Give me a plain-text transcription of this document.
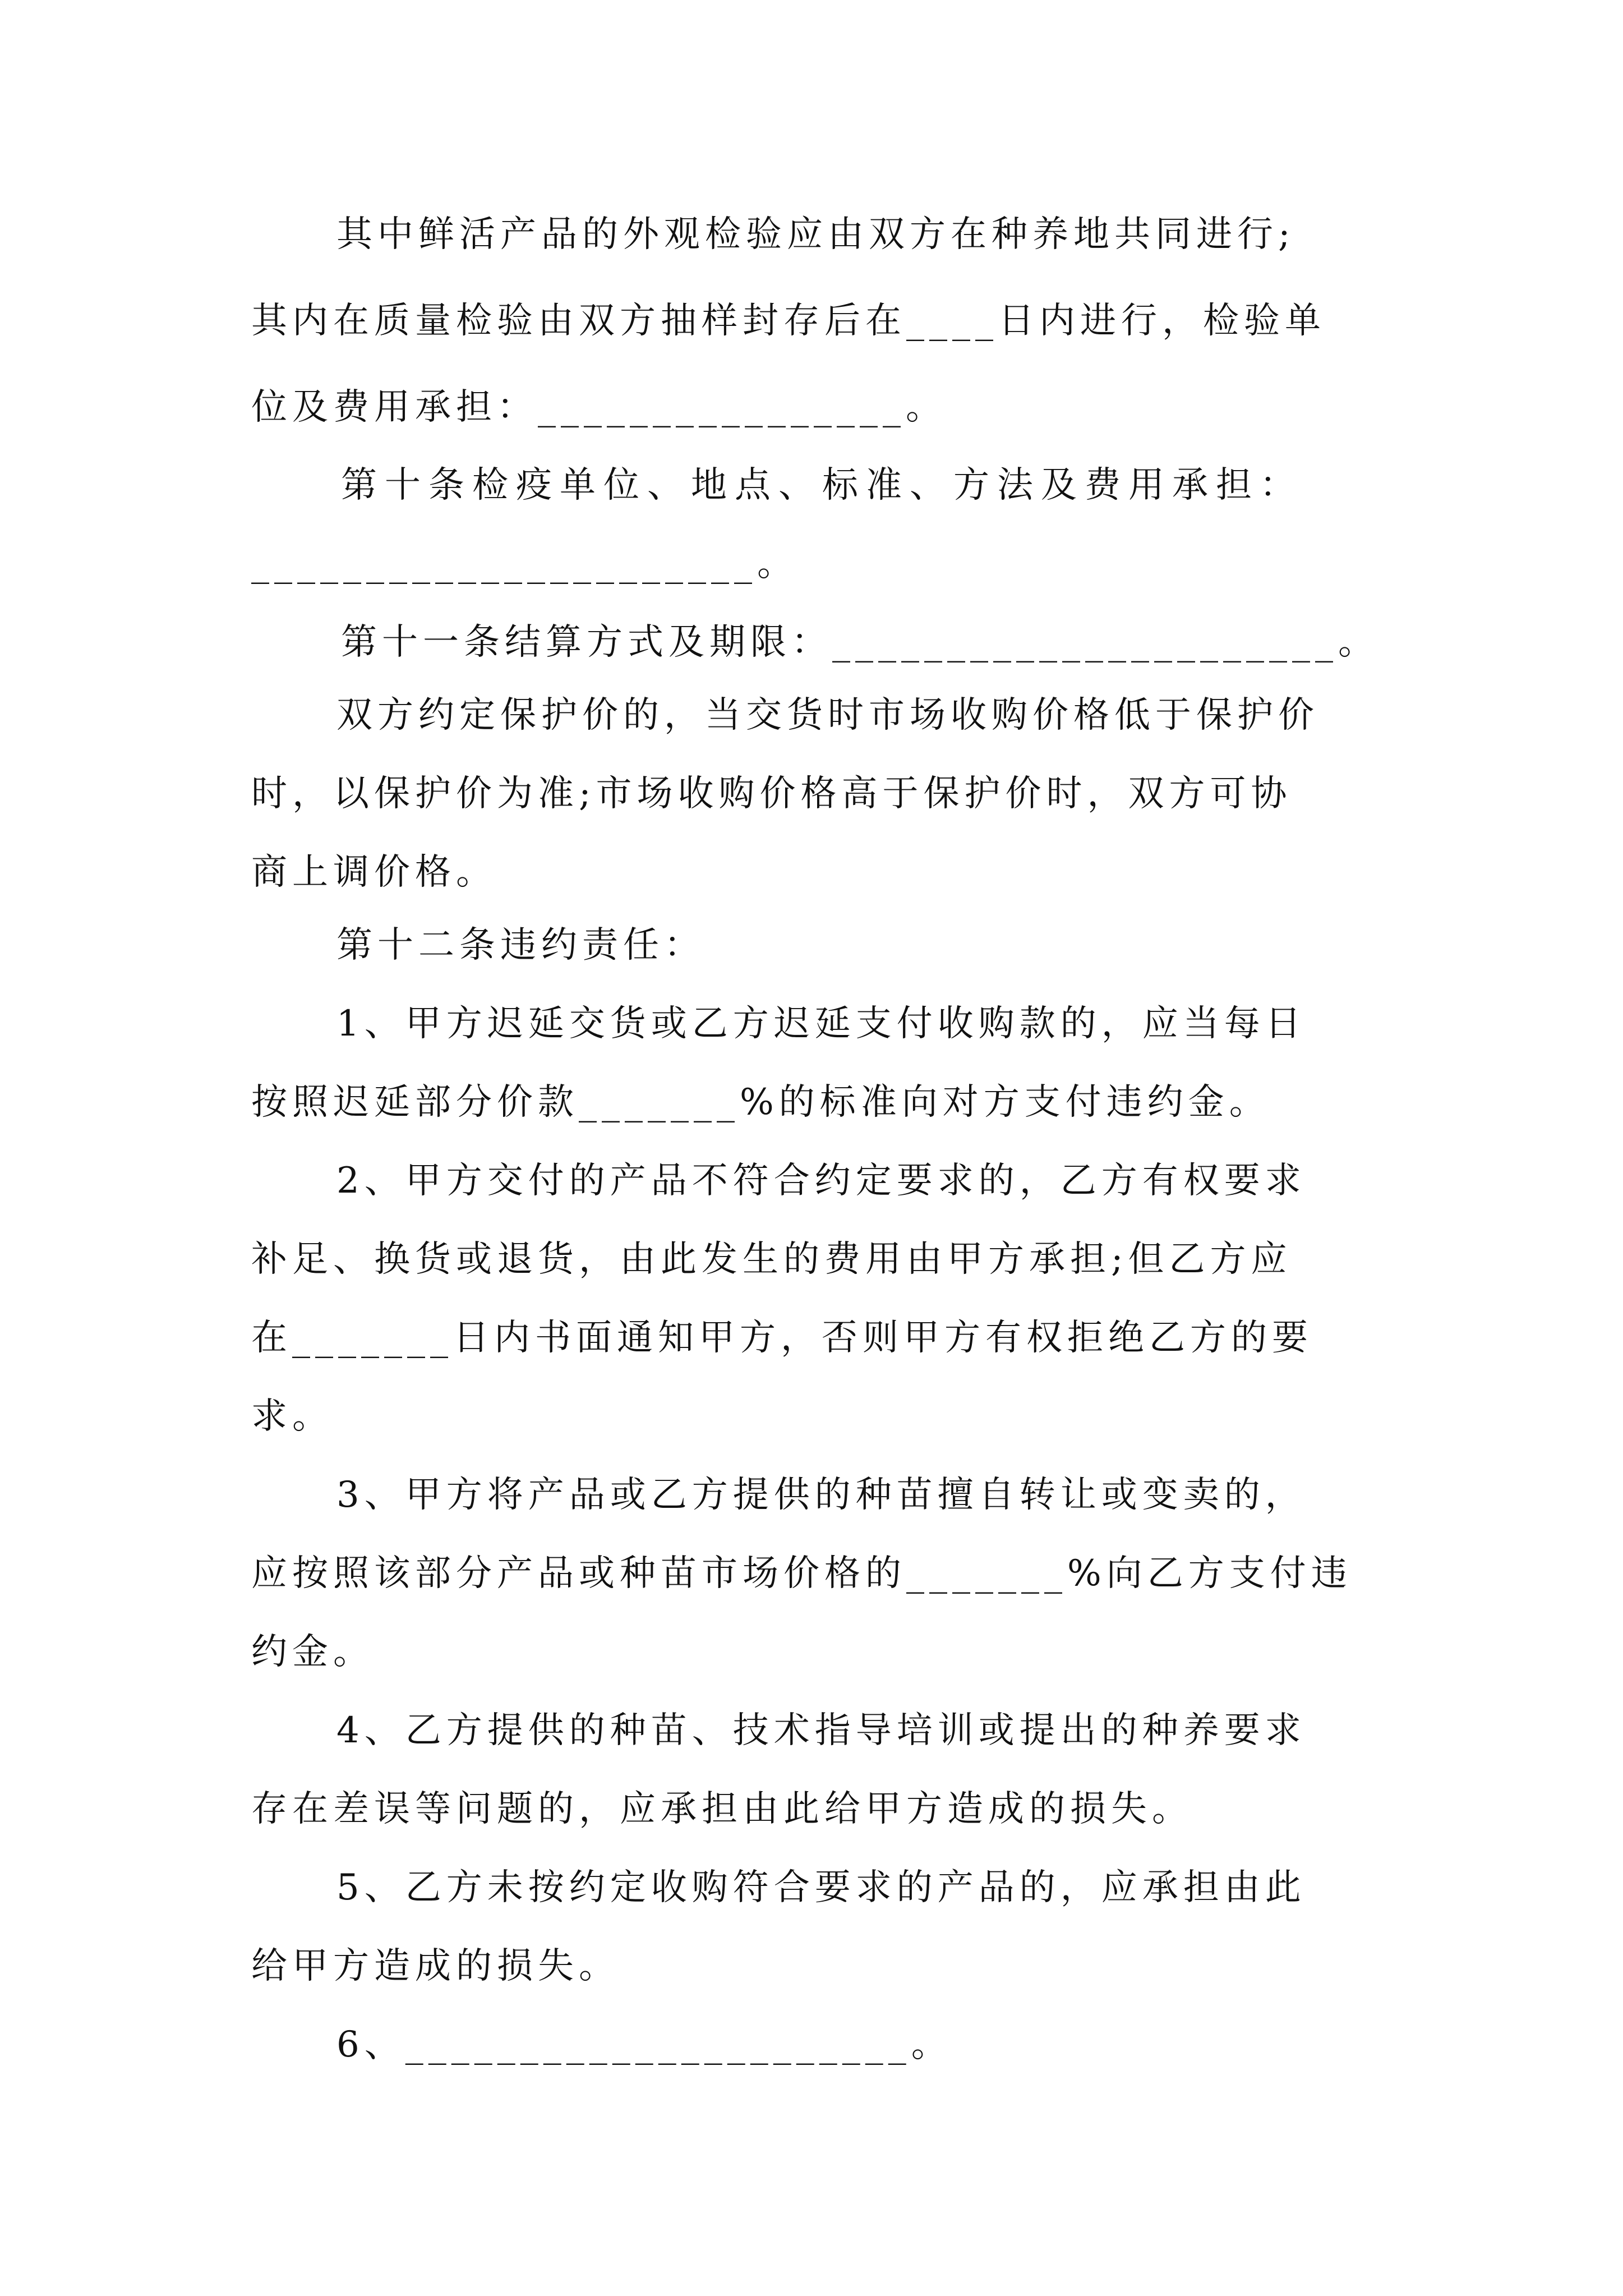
其中鲜活产品的外观检验应由双方在种养地共同进行;
其内在质量检验由双方抽样封存后在____日内进行，检验单
位及费用承担：________________。
第十条检疫单位、地点、标准、方法及费用承担：
______________________。
第十一条结算方式及期限：______________________。
双方约定保护价的，当交货时市场收购价格低于保护价
时，以保护价为准;市场收购价格高于保护价时，双方可协
商上调价格。
第十二条违约责任：
1、甲方迟延交货或乙方迟延支付收购款的，应当每日
按照迟延部分价款_______%的标准向对方支付违约金。
2、甲方交付的产品不符合约定要求的，乙方有权要求
补足、换货或退货，由此发生的费用由甲方承担;但乙方应
在_______日内书面通知甲方，否则甲方有权拒绝乙方的要
求。
3、甲方将产品或乙方提供的种苗擅自转让或变卖的，
应按照该部分产品或种苗市场价格的_______%向乙方支付违
约金。
4、乙方提供的种苗、技术指导培训或提出的种养要求
存在差误等问题的，应承担由此给甲方造成的损失。
5、乙方未按约定收购符合要求的产品的，应承担由此
给甲方造成的损失。
6、______________________。
